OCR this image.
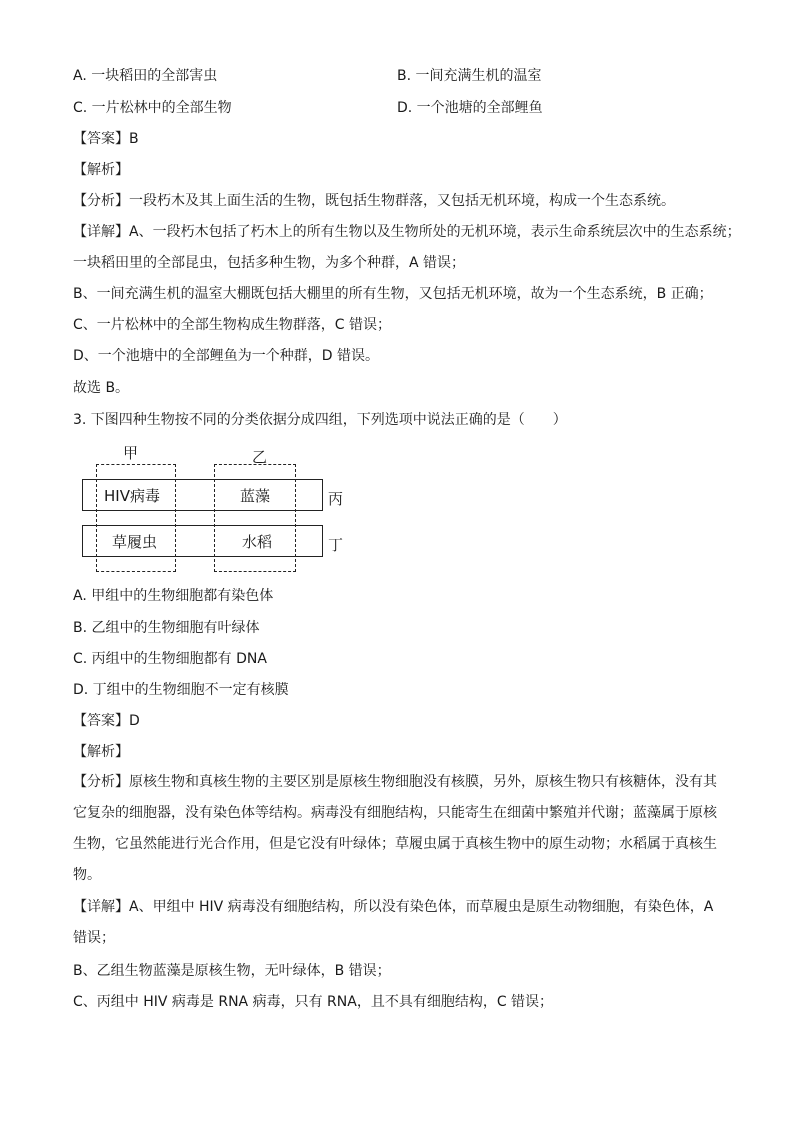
A. 一块稻田的全部害虫	B. 一间充满生机的温室
C. 一片松林中的全部生物	D. 一个池塘的全部鲤鱼
【答案】B
【解析】
【分析】一段朽木及其上面生活的生物，既包括生物群落，又包括无机环境，构成一个生态系统。
【详解】A、一段朽木包括了朽木上的所有生物以及生物所处的无机环境，表示生命系统层次中的生态系统；
一块稻田里的全部昆虫，包括多种生物，为多个种群，A 错误；
B、一间充满生机的温室大棚既包括大棚里的所有生物，又包括无机环境，故为一个生态系统，B 正确；
C、一片松林中的全部生物构成生物群落，C 错误；
D、一个池塘中的全部鲤鱼为一个种群，D 错误。
故选 B。
3. 下图四种生物按不同的分类依据分成四组，下列选项中说法正确的是（　　）
甲	乙
HIV病毒	蓝藻
草履虫	水稻
丙
丁
A. 甲组中的生物细胞都有染色体
B. 乙组中的生物细胞有叶绿体
C. 丙组中的生物细胞都有 DNA
D. 丁组中的生物细胞不一定有核膜
【答案】D
【解析】
【分析】原核生物和真核生物的主要区别是原核生物细胞没有核膜，另外，原核生物只有核糖体，没有其它复杂的细胞器，没有染色体等结构。病毒没有细胞结构，只能寄生在细菌中繁殖并代谢；蓝藻属于原核生物，它虽然能进行光合作用，但是它没有叶绿体；草履虫属于真核生物中的原生动物；水稻属于真核生物。
【详解】A、甲组中 HIV 病毒没有细胞结构，所以没有染色体，而草履虫是原生动物细胞，有染色体，A 错误；
B、乙组生物蓝藻是原核生物，无叶绿体，B 错误；
C、丙组中 HIV 病毒是 RNA 病毒，只有 RNA，且不具有细胞结构，C 错误；
